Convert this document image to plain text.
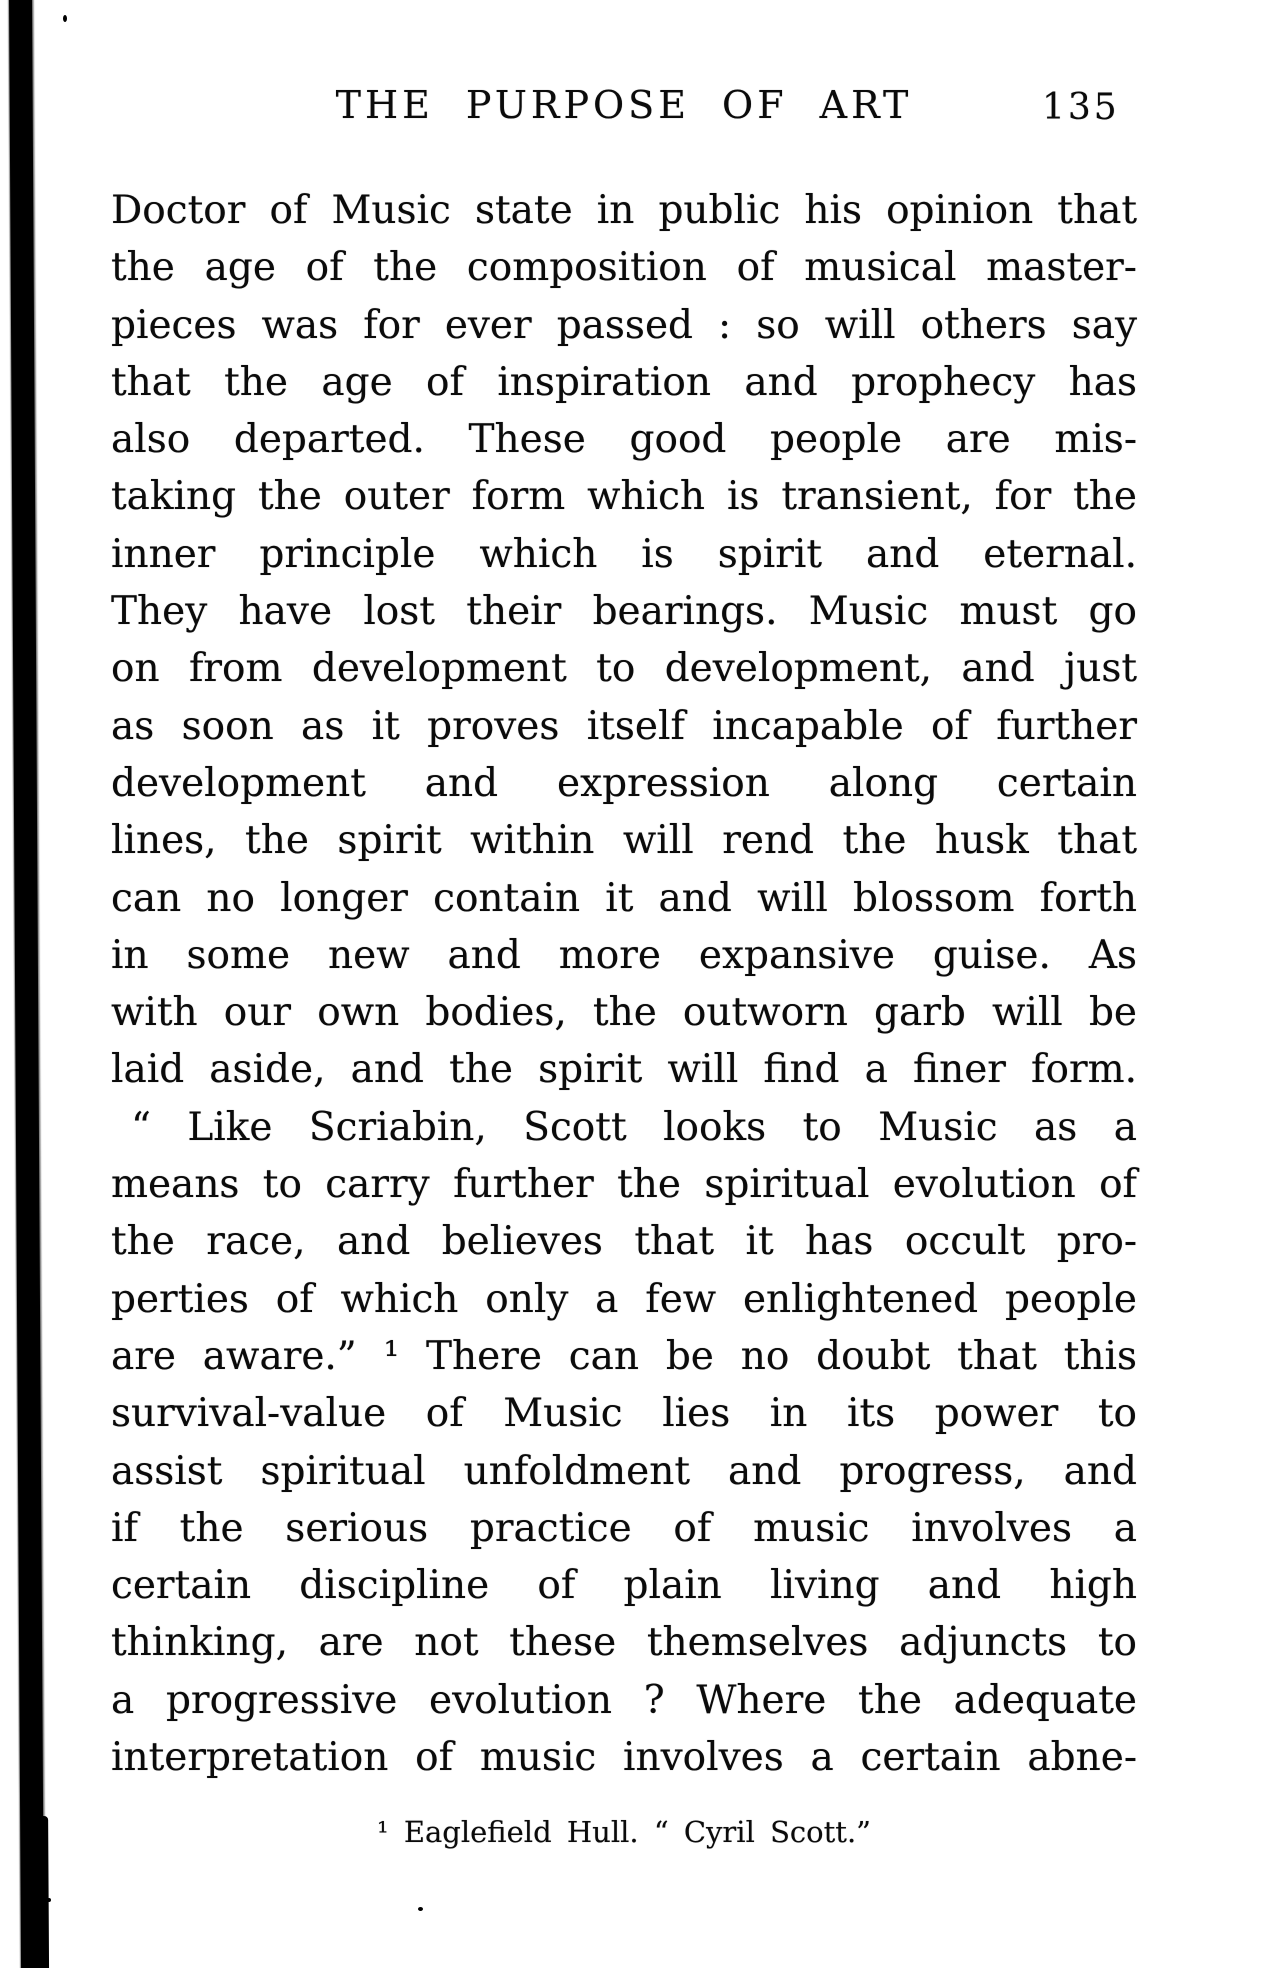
THE PURPOSE OF ART	135
Doctor of Music state in public his opinion that
the age of the composition of musical master-
pieces was for ever passed : so will others say
that the age of inspiration and prophecy has
also departed. These good people are mis-
taking the outer form which is transient, for the
inner principle which is spirit and eternal.
They have lost their bearings. Music must go
on from development to development, and just
as soon as it proves itself incapable of further
development and expression along certain
lines, the spirit within will rend the husk that
can no longer contain it and will blossom forth
in some new and more expansive guise. As
with our own bodies, the outworn garb will be
laid aside, and the spirit will find a finer form.
“ Like Scriabin, Scott looks to Music as a
means to carry further the spiritual evolution of
the race, and believes that it has occult pro-
perties of which only a few enlightened people
are aware.” ¹ There can be no doubt that this
survival-value of Music lies in its power to
assist spiritual unfoldment and progress, and
if the serious practice of music involves a
certain discipline of plain living and high
thinking, are not these themselves adjuncts to
a progressive evolution ? Where the adequate
interpretation of music involves a certain abne-
¹ Eaglefield Hull. “ Cyril Scott.”
